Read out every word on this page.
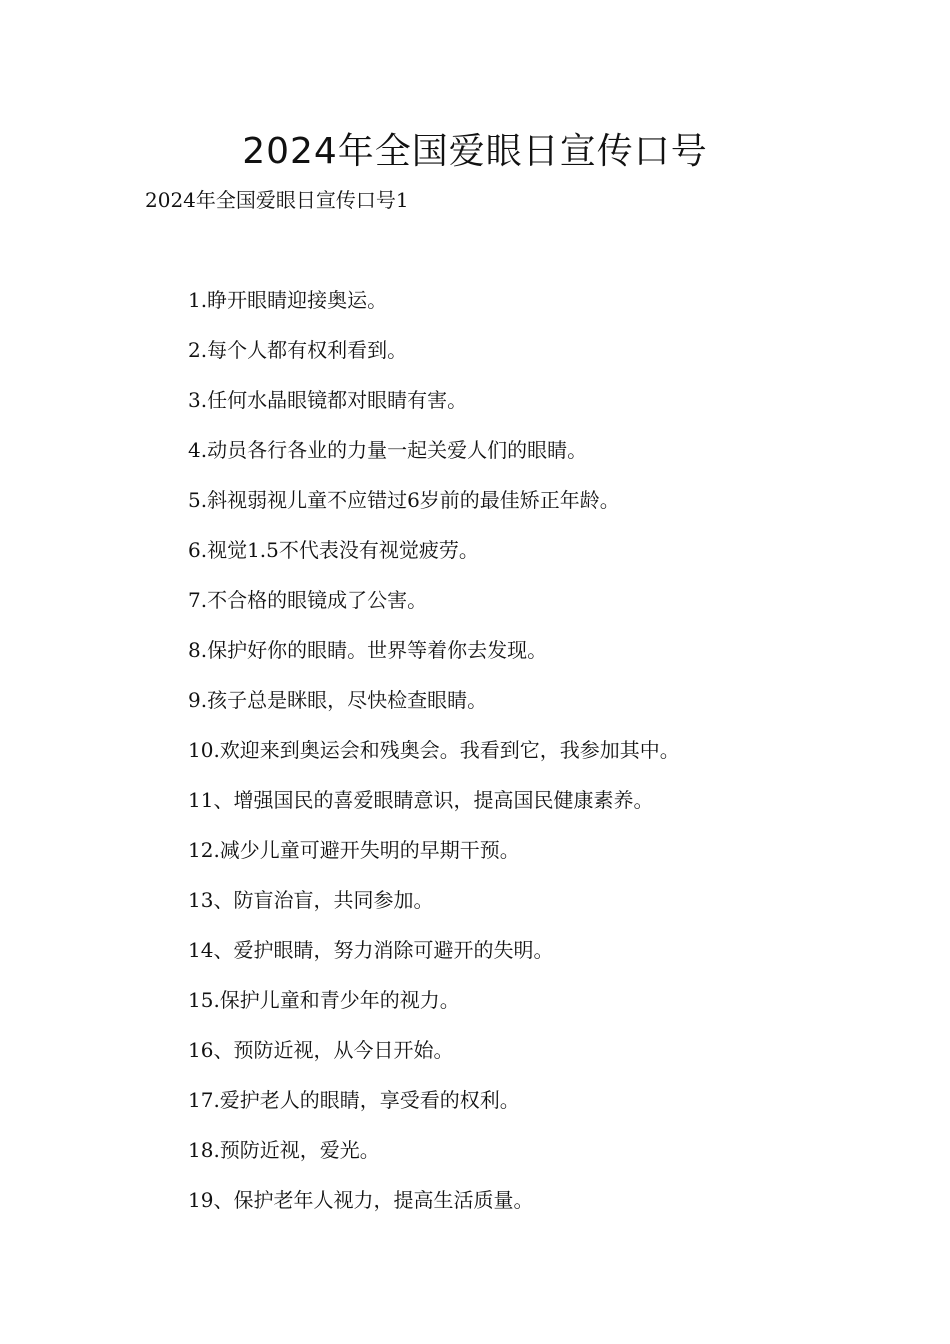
2024年全国爱眼日宣传口号

2024年全国爱眼日宣传口号1

1.睁开眼睛迎接奥运。
2.每个人都有权利看到。
3.任何水晶眼镜都对眼睛有害。
4.动员各行各业的力量一起关爱人们的眼睛。
5.斜视弱视儿童不应错过6岁前的最佳矫正年龄。
6.视觉1.5不代表没有视觉疲劳。
7.不合格的眼镜成了公害。
8.保护好你的眼睛。世界等着你去发现。
9.孩子总是眯眼，尽快检查眼睛。
10.欢迎来到奥运会和残奥会。我看到它，我参加其中。
11、增强国民的喜爱眼睛意识，提高国民健康素养。
12.减少儿童可避开失明的早期干预。
13、防盲治盲，共同参加。
14、爱护眼睛，努力消除可避开的失明。
15.保护儿童和青少年的视力。
16、预防近视，从今日开始。
17.爱护老人的眼睛，享受看的权利。
18.预防近视，爱光。
19、保护老年人视力，提高生活质量。
